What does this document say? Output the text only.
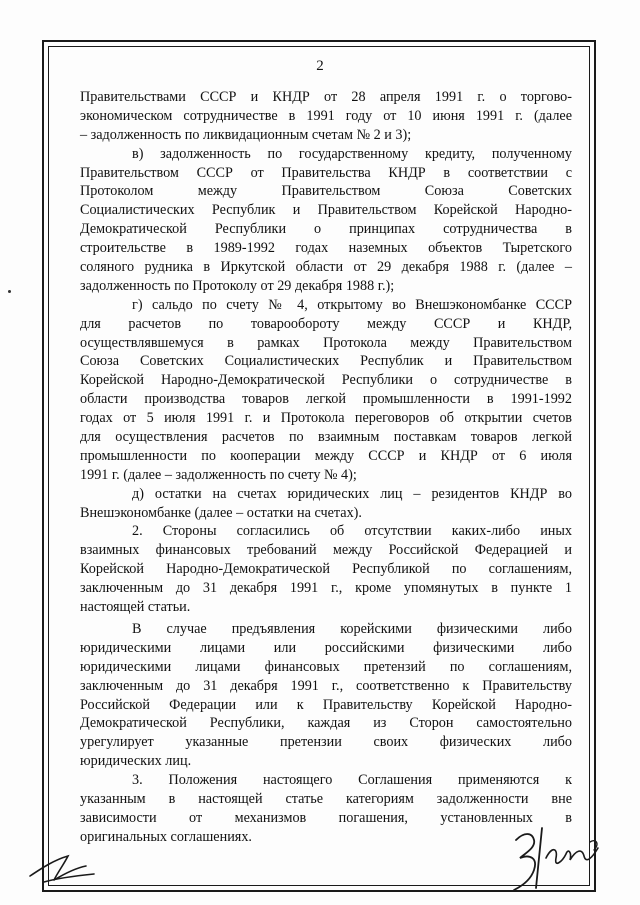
2
Правительствами СССР и КНДР от 28 апреля 1991 г. о торгово-
экономическом сотрудничестве в 1991 году от 10 июня 1991 г. (далее
– задолженность по ликвидационным счетам № 2 и 3);
в) задолженность по государственному кредиту, полученному
Правительством СССР от Правительства КНДР в соответствии с
Протоколом между Правительством Союза Советских
Социалистических Республик и Правительством Корейской Народно-
Демократической Республики о принципах сотрудничества в
строительстве в 1989-1992 годах наземных объектов Тыретского
соляного рудника в Иркутской области от 29 декабря 1988 г. (далее –
задолженность по Протоколу от 29 декабря 1988 г.);
г) сальдо по счету № 4, открытому во Внешэкономбанке СССР
для расчетов по товарообороту между СССР и КНДР,
осуществлявшемуся в рамках Протокола между Правительством
Союза Советских Социалистических Республик и Правительством
Корейской Народно-Демократической Республики о сотрудничестве в
области производства товаров легкой промышленности в 1991-1992
годах от 5 июля 1991 г. и Протокола переговоров об открытии счетов
для осуществления расчетов по взаимным поставкам товаров легкой
промышленности по кооперации между СССР и КНДР от 6 июля
1991 г. (далее – задолженность по счету № 4);
д) остатки на счетах юридических лиц – резидентов КНДР во
Внешэкономбанке (далее – остатки на счетах).
2. Стороны согласились об отсутствии каких-либо иных
взаимных финансовых требований между Российской Федерацией и
Корейской Народно-Демократической Республикой по соглашениям,
заключенным до 31 декабря 1991 г., кроме упомянутых в пункте 1
настоящей статьи.
В случае предъявления корейскими физическими либо
юридическими лицами или российскими физическими либо
юридическими лицами финансовых претензий по соглашениям,
заключенным до 31 декабря 1991 г., соответственно к Правительству
Российской Федерации или к Правительству Корейской Народно-
Демократической Республики, каждая из Сторон самостоятельно
урегулирует указанные претензии своих физических либо
юридических лиц.
3. Положения настоящего Соглашения применяются к
указанным в настоящей статье категориям задолженности вне
зависимости от механизмов погашения, установленных в
оригинальных соглашениях.
